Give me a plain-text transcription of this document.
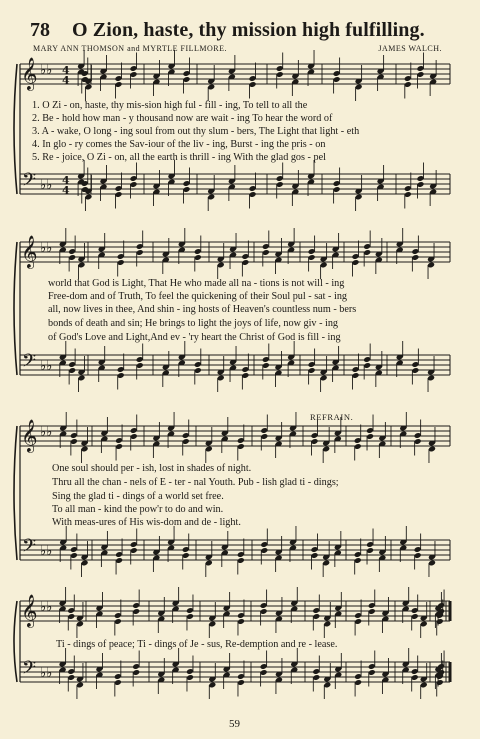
78 O Zion, haste, thy mission high fulfilling.
MARY ANN THOMSON and MYRTLE FILLMORE.	JAMES WALCH.
REFRAIN.
𝄞
𝄢
♭♭
♭♭
4
4
4
4
𝄞
𝄢
♭♭
♭♭
𝄞
𝄢
♭♭
♭♭
𝄞
𝄢
♭♭
♭♭
1. O Zi - on, haste, thy mis-sion high ful - fill - ing, To tell to all the
2. Be - hold how man - y thousand now are wait - ing To hear the word of
3. A - wake, O long - ing soul from out thy slum - bers, The Light that light - eth
4. In glo - ry comes the Sav-iour of the liv - ing, Burst - ing the pris - on
5. Re - joice, O Zi - on, all the earth is thrill - ing With the glad gos - pel
world that God is Light, That He who made all na - tions is not will - ing
Free-dom and of Truth, To feel the quickening of their Soul pul - sat - ing
all, now lives in thee, And shin - ing hosts of Heaven's countless num - bers
bonds of death and sin; He brings to light the joys of life, now giv - ing
of God's Love and Light,And ev - 'ry heart the Christ of God is fill - ing
One soul should per - ish, lost in shades of night.
Thru all the chan - nels of E - ter - nal Youth. Pub - lish glad ti - dings;
Sing the glad ti - dings of a world set free.
To all man - kind the pow'r to do and win.
With meas-ures of His wis-dom and de - light.
Ti - dings of peace; Ti - dings of Je - sus, Re-demption and re - lease.
59
